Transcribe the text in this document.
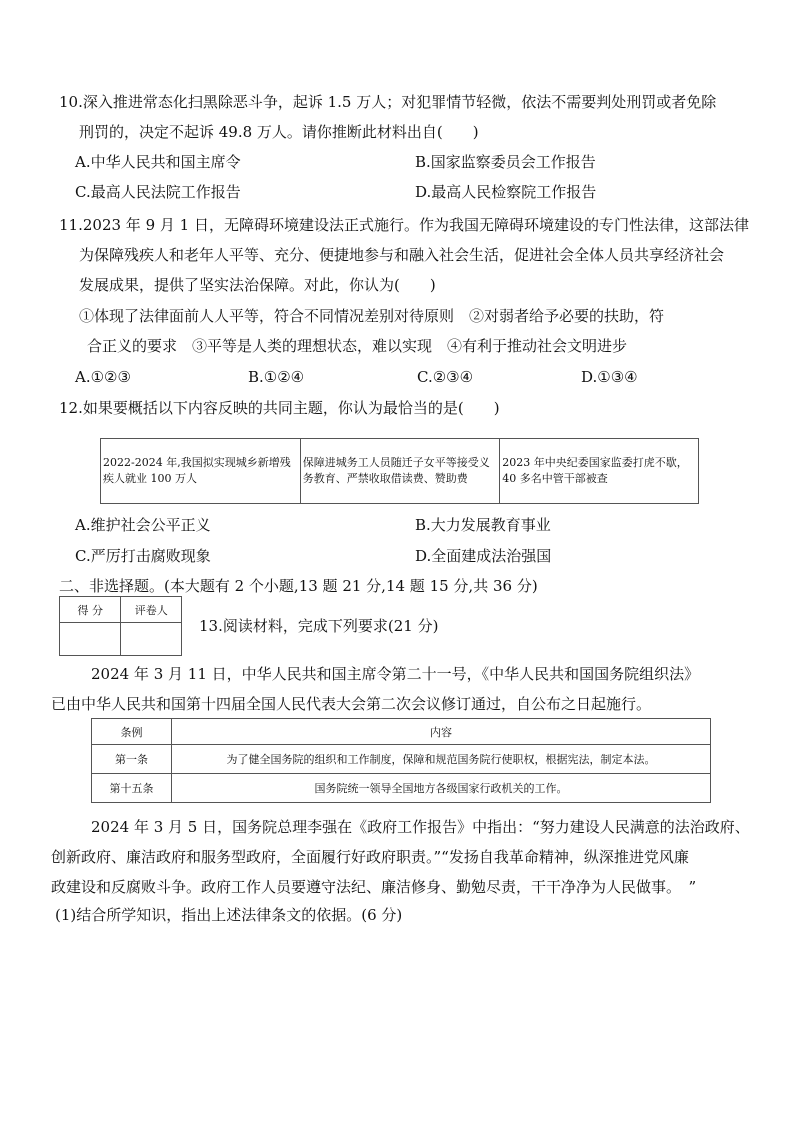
10.深入推进常态化扫黑除恶斗争，起诉 1.5 万人；对犯罪情节轻微，依法不需要判处刑罚或者免除
刑罚的，决定不起诉 49.8 万人。请你推断此材料出自(　　)
A.中华人民共和国主席令	B.国家监察委员会工作报告
C.最高人民法院工作报告	D.最高人民检察院工作报告
11.2023 年 9 月 1 日，无障碍环境建设法正式施行。作为我国无障碍环境建设的专门性法律，这部法律
为保障残疾人和老年人平等、充分、便捷地参与和融入社会生活，促进社会全体人员共享经济社会
发展成果，提供了坚实法治保障。对此，你认为(　　)
①体现了法律面前人人平等，符合不同情况差别对待原则　②对弱者给予必要的扶助，符
合正义的要求　③平等是人类的理想状态，难以实现　④有利于推动社会文明进步
A.①②③	B.①②④	C.②③④	D.①③④
12.如果要概括以下内容反映的共同主题，你认为最恰当的是(　　)
2022-2024 年,我国拟实现城乡新增残疾人就业 100 万人	保障进城务工人员随迁子女平等接受义务教育、严禁收取借读费、赞助费	2023 年中央纪委国家监委打虎不歇，40 多名中管干部被查
A.维护社会公平正义	B.大力发展教育事业
C.严厉打击腐败现象	D.全面建成法治强国
二、非选择题。(本大题有 2 个小题,13 题 21 分,14 题 15 分,共 36 分)
得 分	评卷人

13.阅读材料，完成下列要求(21 分)
2024 年 3 月 11 日，中华人民共和国主席令第二十一号，《中华人民共和国国务院组织法》
已由中华人民共和国第十四届全国人民代表大会第二次会议修订通过，自公布之日起施行。
条例	内容
第一条	为了健全国务院的组织和工作制度，保障和规范国务院行使职权，根据宪法，制定本法。
第十五条	国务院统一领导全国地方各级国家行政机关的工作。
2024 年 3 月 5 日，国务院总理李强在《政府工作报告》中指出：“努力建设人民满意的法治政府、
创新政府、廉洁政府和服务型政府，全面履行好政府职责。”“发扬自我革命精神，纵深推进党风廉
政建设和反腐败斗争。政府工作人员要遵守法纪、廉洁修身、勤勉尽责，干干净净为人民做事。　”
(1)结合所学知识，指出上述法律条文的依据。(6 分)
